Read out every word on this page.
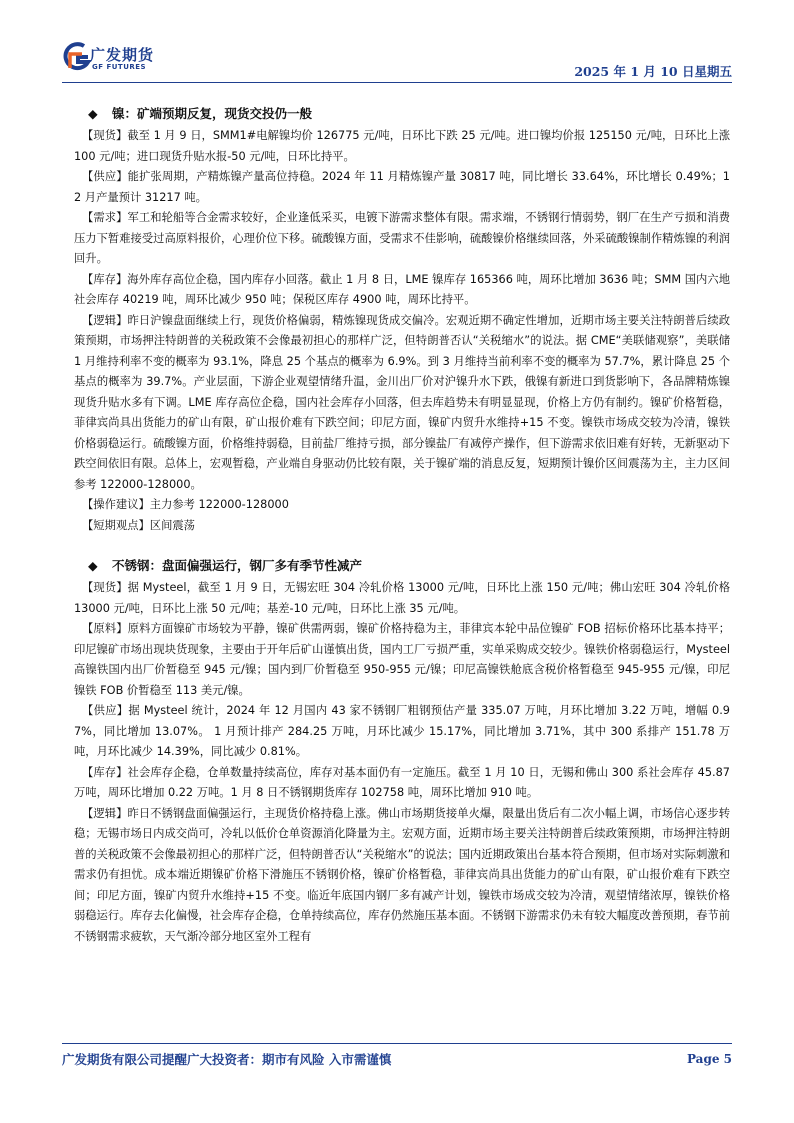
广发期货
GF FUTURES	2025 年 1 月 10 日星期五
◆ 镍：矿端预期反复，现货交投仍一般

【现货】截至 1 月 9 日，SMM1#电解镍均价 126775 元/吨，日环比下跌 25 元/吨。进口镍均价报 125150 元/吨，日环比上涨 100 元/吨；进口现货升贴水报-50 元/吨，日环比持平。

【供应】能扩张周期，产精炼镍产量高位持稳。2024 年 11 月精炼镍产量 30817 吨，同比增长 33.64%，环比增长 0.49%；12 月产量预计 31217 吨。

【需求】军工和轮船等合金需求较好，企业逢低采买，电镀下游需求整体有限。需求端，不锈钢行情弱势，钢厂在生产亏损和消费压力下暂难接受过高原料报价，心理价位下移。硫酸镍方面，受需求不佳影响，硫酸镍价格继续回落，外采硫酸镍制作精炼镍的利润回升。

【库存】海外库存高位企稳，国内库存小回落。截止 1 月 8 日，LME 镍库存 165366 吨，周环比增加 3636 吨；SMM 国内六地社会库存 40219 吨，周环比减少 950 吨；保税区库存 4900 吨，周环比持平。

【逻辑】昨日沪镍盘面继续上行，现货价格偏弱，精炼镍现货成交偏冷。宏观近期不确定性增加，近期市场主要关注特朗普后续政策预期，市场押注特朗普的关税政策不会像最初担心的那样广泛，但特朗普否认“关税缩水”的说法。据 CME“美联储观察”，美联储 1 月维持利率不变的概率为 93.1%，降息 25 个基点的概率为 6.9%。到 3 月维持当前利率不变的概率为 57.7%，累计降息 25 个基点的概率为 39.7%。产业层面，下游企业观望情绪升温，金川出厂价对沪镍升水下跌，俄镍有新进口到货影响下，各品牌精炼镍现货升贴水多有下调。LME 库存高位企稳，国内社会库存小回落，但去库趋势未有明显显现，价格上方仍有制约。镍矿价格暂稳，菲律宾尚具出货能力的矿山有限，矿山报价难有下跌空间；印尼方面，镍矿内贸升水维持+15 不变。镍铁市场成交较为冷清，镍铁价格弱稳运行。硫酸镍方面，价格维持弱稳，目前盐厂维持亏损，部分镍盐厂有减停产操作，但下游需求依旧难有好转，无新驱动下跌空间依旧有限。总体上，宏观暂稳，产业端自身驱动仍比较有限，关于镍矿端的消息反复，短期预计镍价区间震荡为主，主力区间参考 122000-128000。

【操作建议】主力参考 122000-128000

【短期观点】区间震荡

◆ 不锈钢：盘面偏强运行，钢厂多有季节性减产

【现货】据 Mysteel，截至 1 月 9 日，无锡宏旺 304 冷轧价格 13000 元/吨，日环比上涨 150 元/吨；佛山宏旺 304 冷轧价格 13000 元/吨，日环比上涨 50 元/吨；基差-10 元/吨，日环比上涨 35 元/吨。

【原料】原料方面镍矿市场较为平静，镍矿供需两弱，镍矿价格持稳为主，菲律宾本轮中品位镍矿 FOB 招标价格环比基本持平；印尼镍矿市场出现块货现象，主要由于开年后矿山谨慎出货，国内工厂亏损严重，实单采购成交较少。镍铁价格弱稳运行，Mysteel 高镍铁国内出厂价暂稳至 945 元/镍；国内到厂价暂稳至 950-955 元/镍；印尼高镍铁舱底含税价格暂稳至 945-955 元/镍，印尼镍铁 FOB 价暂稳至 113 美元/镍。

【供应】据 Mysteel 统计，2024 年 12 月国内 43 家不锈钢厂粗钢预估产量 335.07 万吨，月环比增加 3.22 万吨，增幅 0.97%，同比增加 13.07%。 1 月预计排产 284.25 万吨，月环比减少 15.17%，同比增加 3.71%，其中 300 系排产 151.78 万吨，月环比减少 14.39%，同比减少 0.81%。

【库存】社会库存企稳，仓单数量持续高位，库存对基本面仍有一定施压。截至 1 月 10 日，无锡和佛山 300 系社会库存 45.87 万吨，周环比增加 0.22 万吨。1 月 8 日不锈钢期货库存 102758 吨，周环比增加 910 吨。

【逻辑】昨日不锈钢盘面偏强运行，主现货价格持稳上涨。佛山市场期货接单火爆，限量出货后有二次小幅上调，市场信心逐步转稳；无锡市场日内成交尚可，冷轧以低价仓单资源消化降量为主。宏观方面，近期市场主要关注特朗普后续政策预期，市场押注特朗普的关税政策不会像最初担心的那样广泛，但特朗普否认“关税缩水”的说法；国内近期政策出台基本符合预期，但市场对实际刺激和需求仍有担忧。成本端近期镍矿价格下滑施压不锈钢价格，镍矿价格暂稳，菲律宾尚具出货能力的矿山有限，矿山报价难有下跌空间；印尼方面，镍矿内贸升水维持+15 不变。临近年底国内钢厂多有减产计划，镍铁市场成交较为冷清，观望情绪浓厚，镍铁价格弱稳运行。库存去化偏慢，社会库存企稳，仓单持续高位，库存仍然施压基本面。不锈钢下游需求仍未有较大幅度改善预期，春节前不锈钢需求疲软，天气渐冷部分地区室外工程有

广发期货有限公司提醒广大投资者：期市有风险 入市需谨慎	Page 5
